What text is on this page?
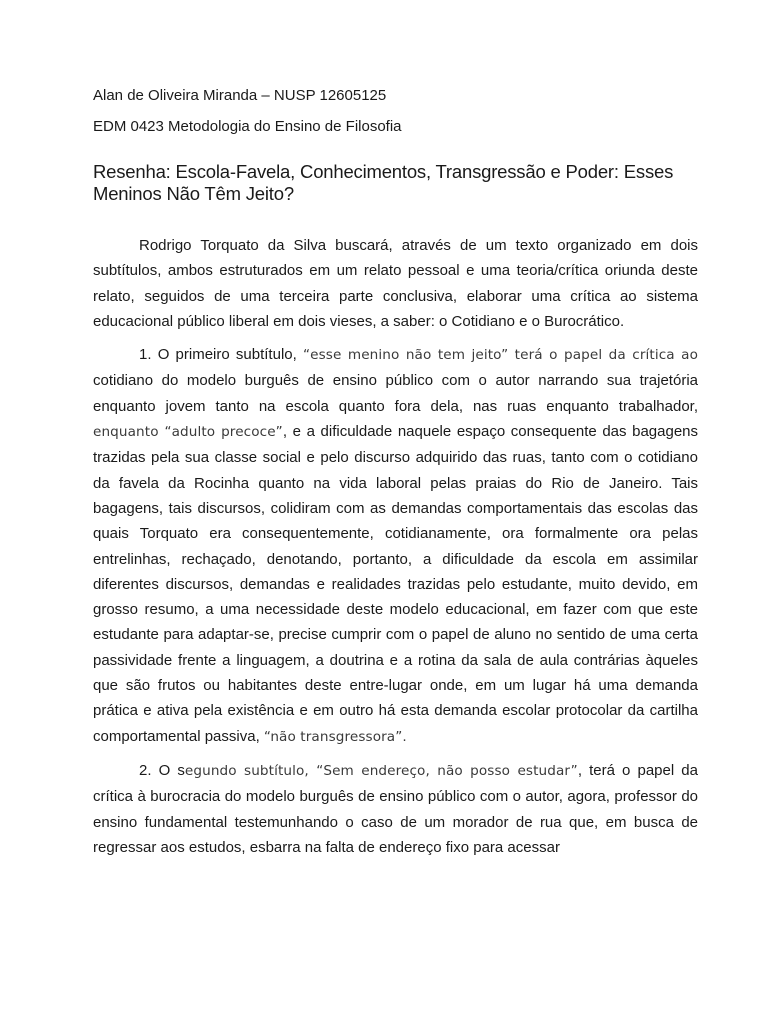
Alan de Oliveira Miranda – NUSP 12605125

EDM 0423 Metodologia do Ensino de Filosofia

Resenha: Escola-Favela, Conhecimentos, Transgressão e Poder: Esses Meninos Não Têm Jeito?

Rodrigo Torquato da Silva buscará, através de um texto organizado em dois subtítulos, ambos estruturados em um relato pessoal e uma teoria/crítica oriunda deste relato, seguidos de uma terceira parte conclusiva, elaborar uma crítica ao sistema educacional público liberal em dois vieses, a saber: o Cotidiano e o Burocrático.

1. O primeiro subtítulo, “esse menino não tem jeito” terá o papel da crítica ao cotidiano do modelo burguês de ensino público com o autor narrando sua trajetória enquanto jovem tanto na escola quanto fora dela, nas ruas enquanto trabalhador, enquanto “adulto precoce”, e a dificuldade naquele espaço consequente das bagagens trazidas pela sua classe social e pelo discurso adquirido das ruas, tanto com o cotidiano da favela da Rocinha quanto na vida laboral pelas praias do Rio de Janeiro. Tais bagagens, tais discursos, colidiram com as demandas comportamentais das escolas das quais Torquato era consequentemente, cotidianamente, ora formalmente ora pelas entrelinhas, rechaçado, denotando, portanto, a dificuldade da escola em assimilar diferentes discursos, demandas e realidades trazidas pelo estudante, muito devido, em grosso resumo, a uma necessidade deste modelo educacional, em fazer com que este estudante para adaptar-se, precise cumprir com o papel de aluno no sentido de uma certa passividade frente a linguagem, a doutrina e a rotina da sala de aula contrárias àqueles que são frutos ou habitantes deste entre-lugar onde, em um lugar há uma demanda prática e ativa pela existência e em outro há esta demanda escolar protocolar da cartilha comportamental passiva, “não transgressora”.

2. O segundo subtítulo, “Sem endereço, não posso estudar”, terá o papel da crítica à burocracia do modelo burguês de ensino público com o autor, agora, professor do ensino fundamental testemunhando o caso de um morador de rua que, em busca de regressar aos estudos, esbarra na falta de endereço fixo para acessar
